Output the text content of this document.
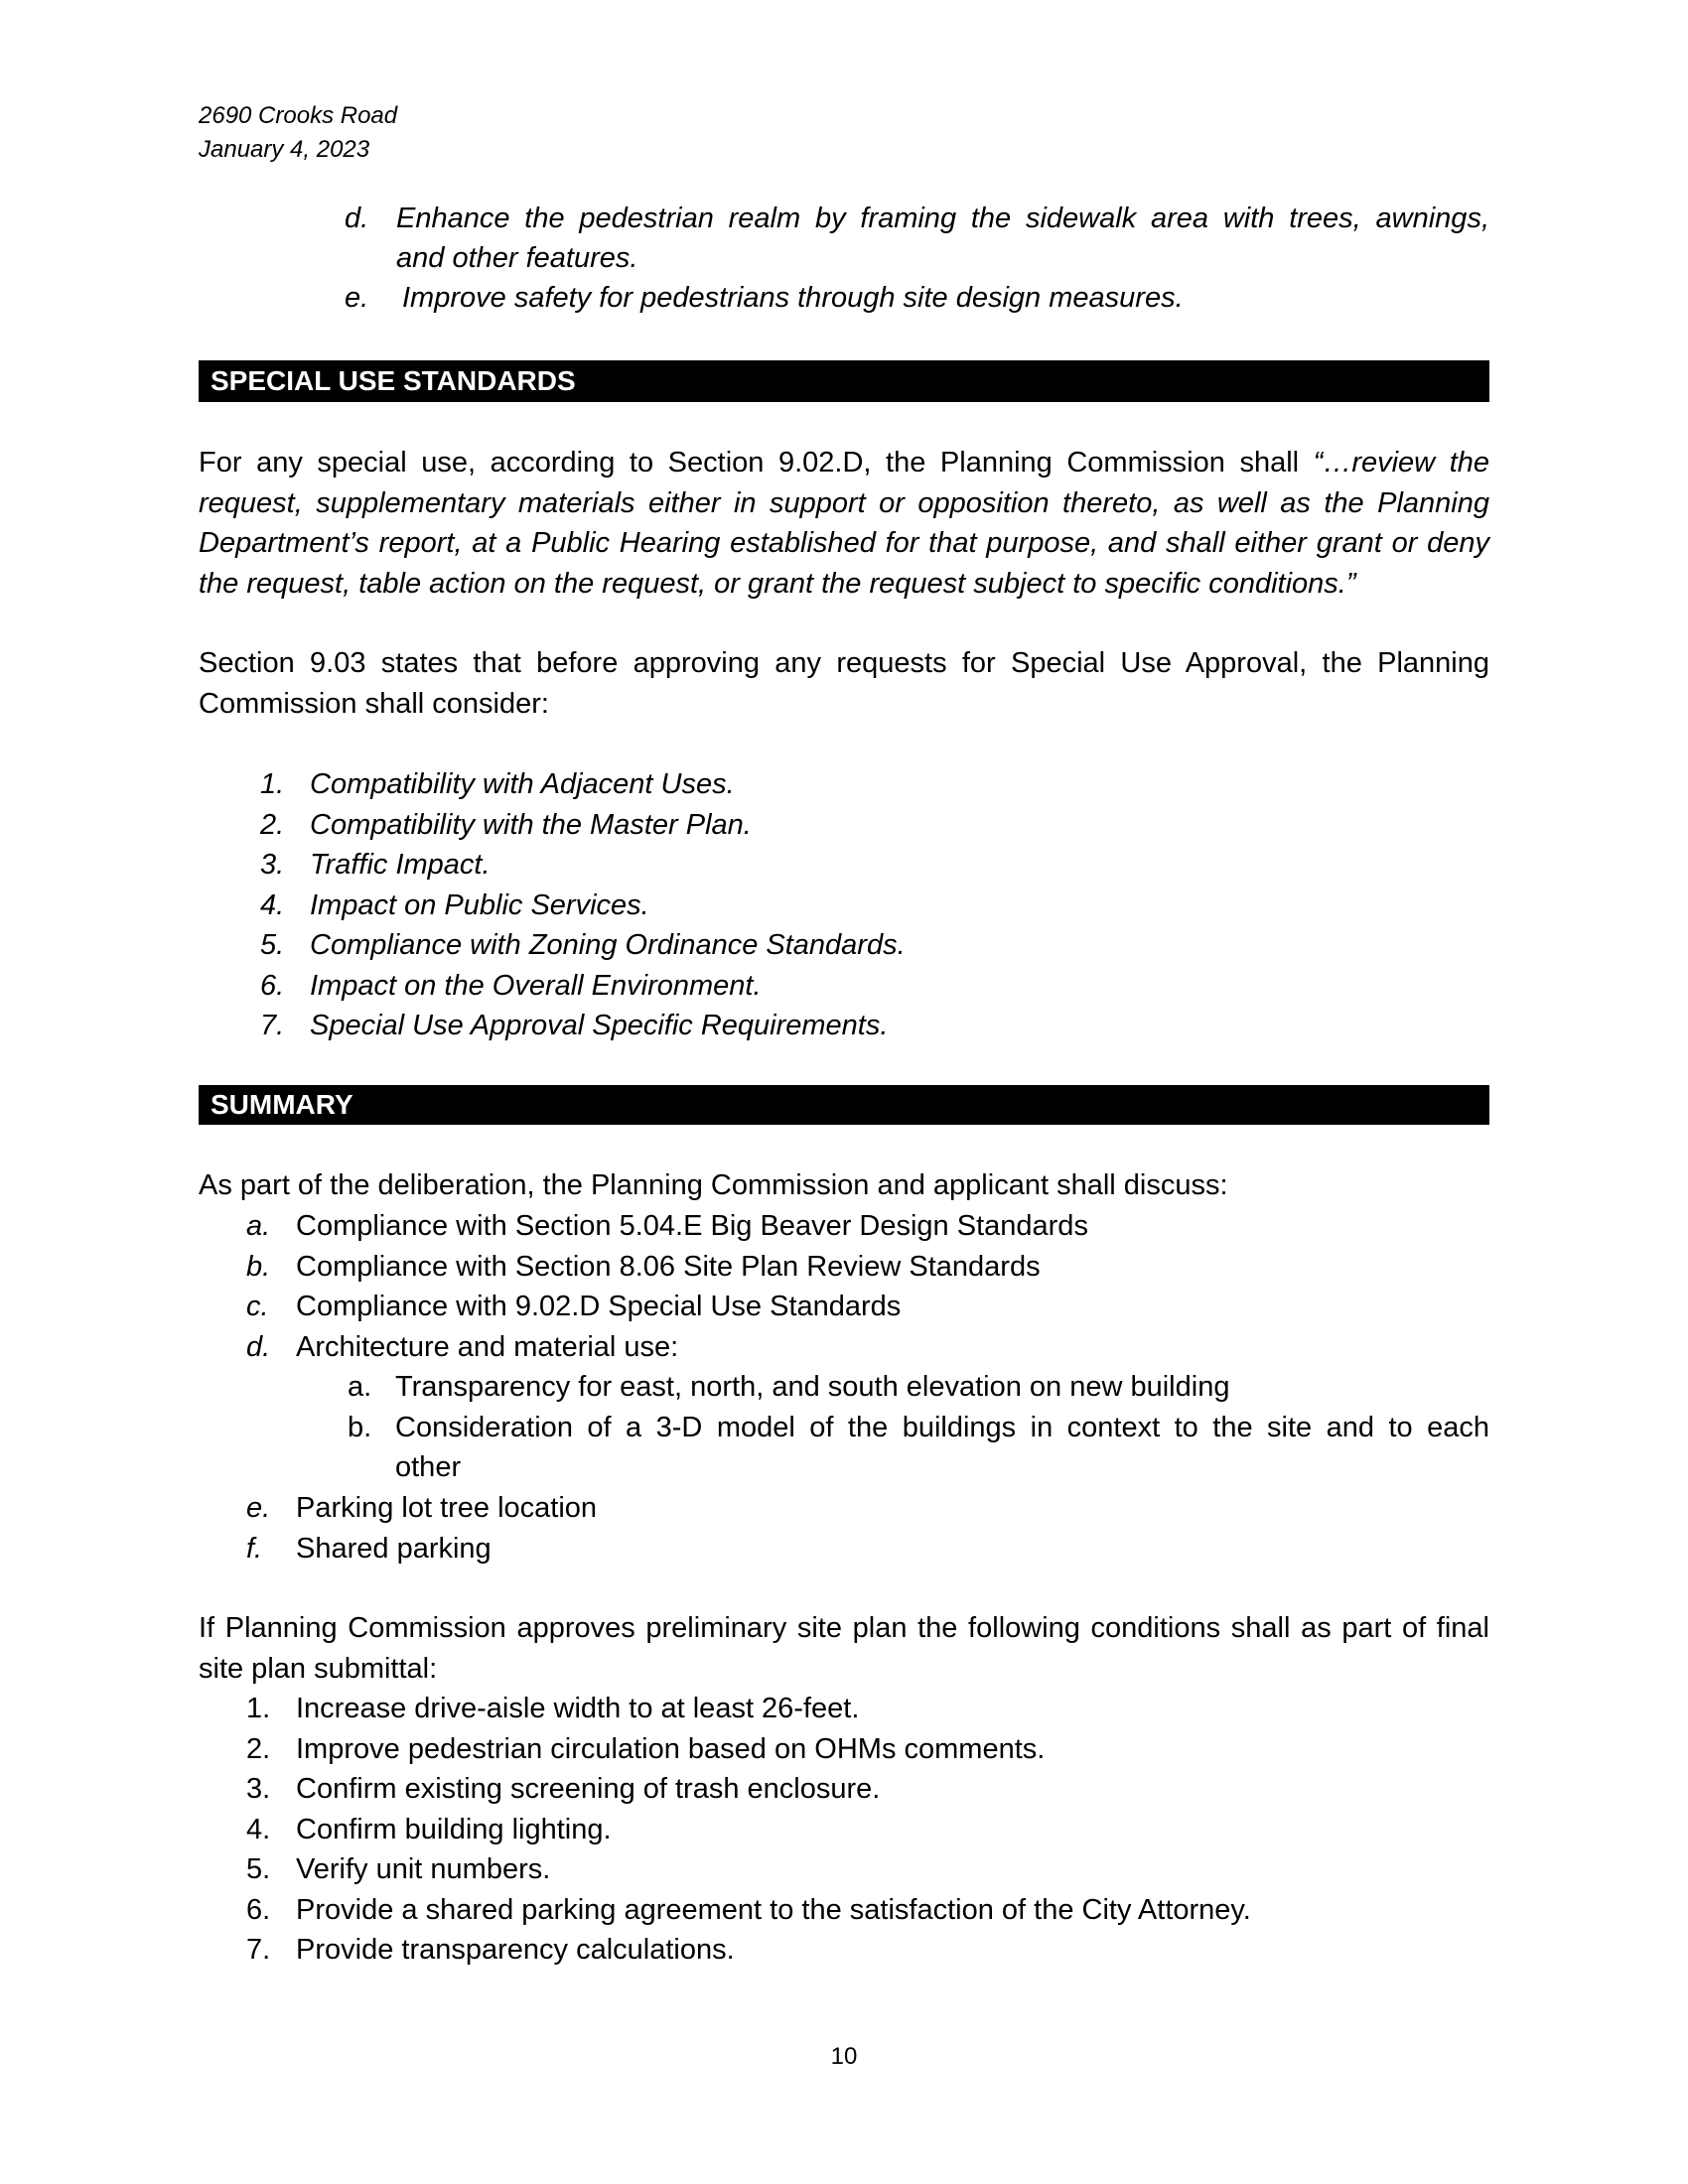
2690 Crooks Road
January 4, 2023
d. Enhance the pedestrian realm by framing the sidewalk area with trees, awnings,
and other features.
e.	Improve safety for pedestrians through site design measures.
SPECIAL USE STANDARDS
For any special use, according to Section 9.02.D, the Planning Commission shall “…review the request, supplementary materials either in support or opposition thereto, as well as the Planning Department’s report, at a Public Hearing established for that purpose, and shall either grant or deny the request, table action on the request, or grant the request subject to specific conditions.”
Section 9.03 states that before approving any requests for Special Use Approval, the Planning Commission shall consider:
1. Compatibility with Adjacent Uses.
2. Compatibility with the Master Plan.
3. Traffic Impact.
4. Impact on Public Services.
5. Compliance with Zoning Ordinance Standards.
6. Impact on the Overall Environment.
7. Special Use Approval Specific Requirements.
SUMMARY
As part of the deliberation, the Planning Commission and applicant shall discuss:
a. Compliance with Section 5.04.E Big Beaver Design Standards
b. Compliance with Section 8.06 Site Plan Review Standards
c. Compliance with 9.02.D Special Use Standards
d. Architecture and material use:
a. Transparency for east, north, and south elevation on new building
b. Consideration of a 3-D model of the buildings in context to the site and to each
other
e. Parking lot tree location
f.	Shared parking
If Planning Commission approves preliminary site plan the following conditions shall as part of final site plan submittal:
1. Increase drive-aisle width to at least 26-feet.
2. Improve pedestrian circulation based on OHMs comments.
3. Confirm existing screening of trash enclosure.
4. Confirm building lighting.
5. Verify unit numbers.
6. Provide a shared parking agreement to the satisfaction of the City Attorney.
7. Provide transparency calculations.
10
